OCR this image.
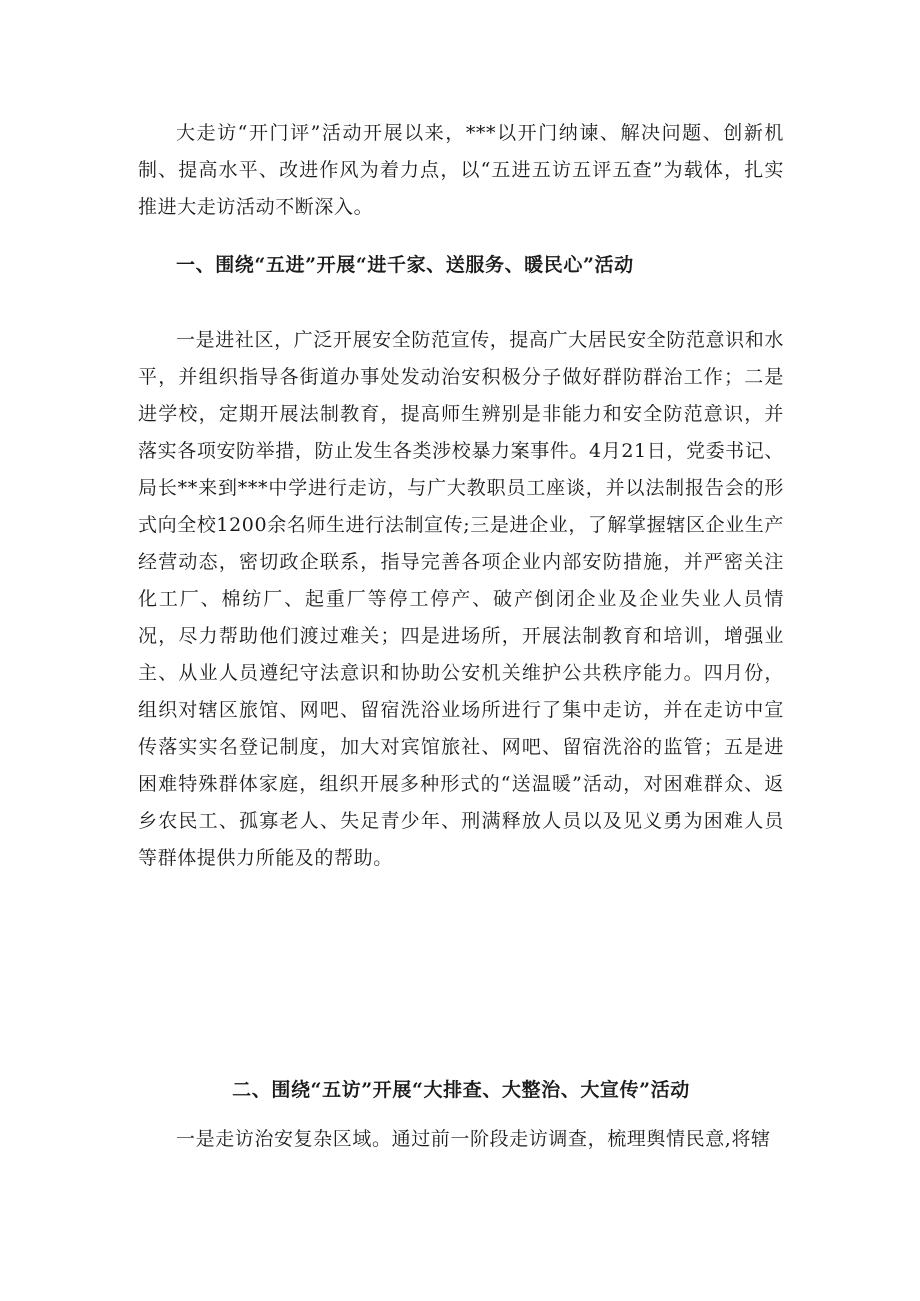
大走访“开门评”活动开展以来，***以开门纳谏、解决问题、创新机制、提高水平、改进作风为着力点，以“五进五访五评五查”为载体，扎实推进大走访活动不断深入。

一、围绕“五进”开展“进千家、送服务、暖民心”活动

一是进社区，广泛开展安全防范宣传，提高广大居民安全防范意识和水平，并组织指导各街道办事处发动治安积极分子做好群防群治工作；二是进学校，定期开展法制教育，提高师生辨别是非能力和安全防范意识，并落实各项安防举措，防止发生各类涉校暴力案事件。4月21日，党委书记、局长**来到***中学进行走访，与广大教职员工座谈，并以法制报告会的形式向全校1200余名师生进行法制宣传;三是进企业，了解掌握辖区企业生产经营动态，密切政企联系，指导完善各项企业内部安防措施，并严密关注化工厂、棉纺厂、起重厂等停工停产、破产倒闭企业及企业失业人员情况，尽力帮助他们渡过难关；四是进场所，开展法制教育和培训，增强业主、从业人员遵纪守法意识和协助公安机关维护公共秩序能力。四月份，组织对辖区旅馆、网吧、留宿洗浴业场所进行了集中走访，并在走访中宣传落实实名登记制度，加大对宾馆旅社、网吧、留宿洗浴的监管；五是进困难特殊群体家庭，组织开展多种形式的“送温暖”活动，对困难群众、返乡农民工、孤寡老人、失足青少年、刑满释放人员以及见义勇为困难人员等群体提供力所能及的帮助。

二、围绕“五访”开展“大排查、大整治、大宣传”活动

一是走访治安复杂区域。通过前一阶段走访调查，梳理舆情民意,将辖
